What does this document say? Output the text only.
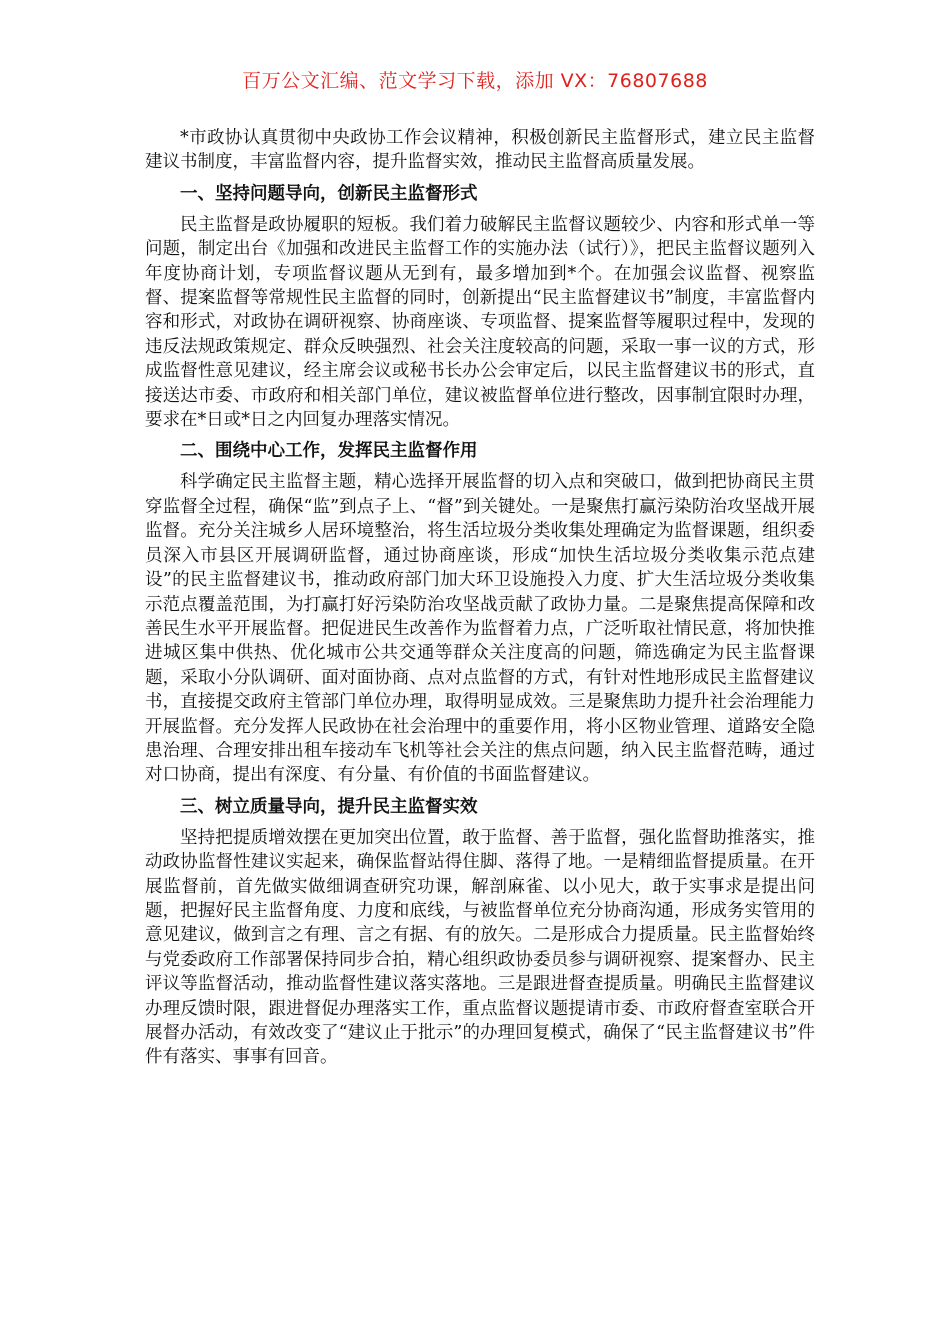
百万公文汇编、范文学习下载，添加 VX：76807688

*市政协认真贯彻中央政协工作会议精神，积极创新民主监督形式，建立民主监督建议书制度，丰富监督内容，提升监督实效，推动民主监督高质量发展。

一、坚持问题导向，创新民主监督形式

民主监督是政协履职的短板。我们着力破解民主监督议题较少、内容和形式单一等问题，制定出台《加强和改进民主监督工作的实施办法（试行）》，把民主监督议题列入年度协商计划，专项监督议题从无到有，最多增加到*个。在加强会议监督、视察监督、提案监督等常规性民主监督的同时，创新提出“民主监督建议书”制度，丰富监督内容和形式，对政协在调研视察、协商座谈、专项监督、提案监督等履职过程中，发现的违反法规政策规定、群众反映强烈、社会关注度较高的问题，采取一事一议的方式，形成监督性意见建议，经主席会议或秘书长办公会审定后，以民主监督建议书的形式，直接送达市委、市政府和相关部门单位，建议被监督单位进行整改，因事制宜限时办理，要求在*日或*日之内回复办理落实情况。

二、围绕中心工作，发挥民主监督作用

科学确定民主监督主题，精心选择开展监督的切入点和突破口，做到把协商民主贯穿监督全过程，确保“监”到点子上、“督”到关键处。一是聚焦打赢污染防治攻坚战开展监督。充分关注城乡人居环境整治，将生活垃圾分类收集处理确定为监督课题，组织委员深入市县区开展调研监督，通过协商座谈，形成“加快生活垃圾分类收集示范点建设”的民主监督建议书，推动政府部门加大环卫设施投入力度、扩大生活垃圾分类收集示范点覆盖范围，为打赢打好污染防治攻坚战贡献了政协力量。二是聚焦提高保障和改善民生水平开展监督。把促进民生改善作为监督着力点，广泛听取社情民意，将加快推进城区集中供热、优化城市公共交通等群众关注度高的问题，筛选确定为民主监督课题，采取小分队调研、面对面协商、点对点监督的方式，有针对性地形成民主监督建议书，直接提交政府主管部门单位办理，取得明显成效。三是聚焦助力提升社会治理能力开展监督。充分发挥人民政协在社会治理中的重要作用，将小区物业管理、道路安全隐患治理、合理安排出租车接动车飞机等社会关注的焦点问题，纳入民主监督范畴，通过对口协商，提出有深度、有分量、有价值的书面监督建议。

三、树立质量导向，提升民主监督实效

坚持把提质增效摆在更加突出位置，敢于监督、善于监督，强化监督助推落实，推动政协监督性建议实起来，确保监督站得住脚、落得了地。一是精细监督提质量。在开展监督前，首先做实做细调查研究功课，解剖麻雀、以小见大，敢于实事求是提出问题，把握好民主监督角度、力度和底线，与被监督单位充分协商沟通，形成务实管用的意见建议，做到言之有理、言之有据、有的放矢。二是形成合力提质量。民主监督始终与党委政府工作部署保持同步合拍，精心组织政协委员参与调研视察、提案督办、民主评议等监督活动，推动监督性建议落实落地。三是跟进督查提质量。明确民主监督建议办理反馈时限，跟进督促办理落实工作，重点监督议题提请市委、市政府督查室联合开展督办活动，有效改变了“建议止于批示”的办理回复模式，确保了“民主监督建议书”件件有落实、事事有回音。
